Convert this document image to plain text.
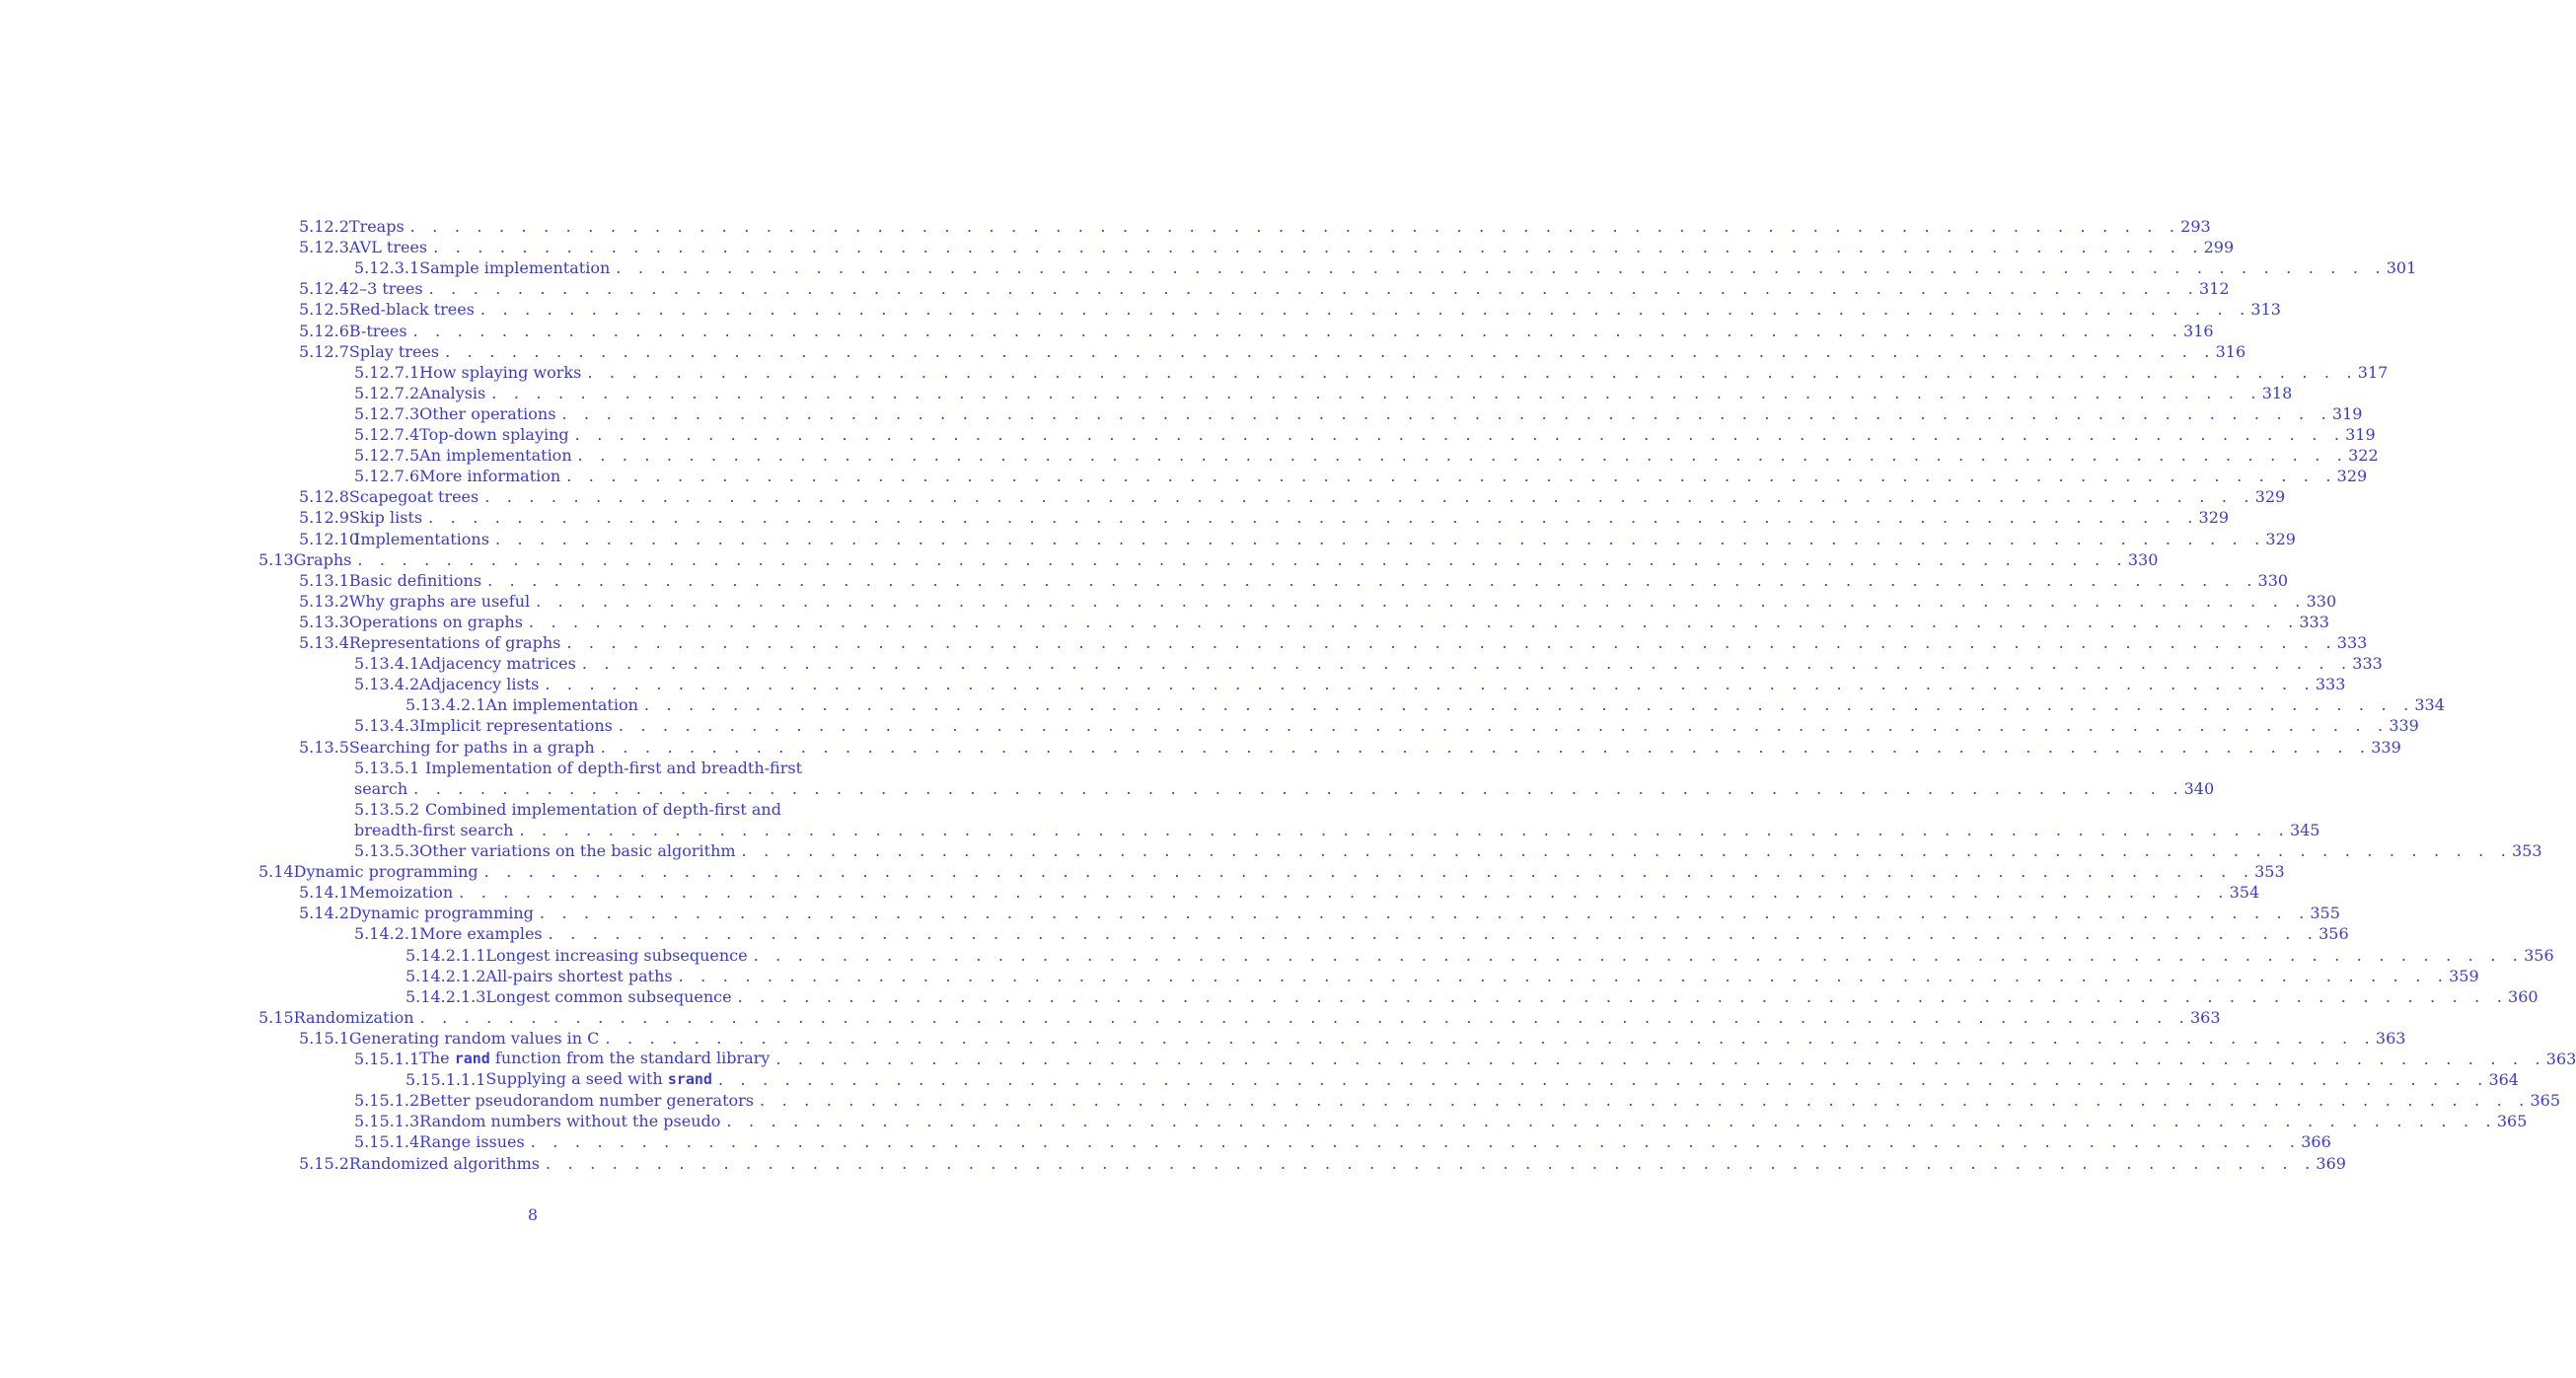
5.12.2 Treaps . . . . . . . . . . . . . . . . . . . . . . . . . . . . . . . . . . . . . . . . . . . . . . . . . . . . . . . . . . . . . . . . . . . . . . . . . . . . . . . . 293
5.12.3 AVL trees . . . . . . . . . . . . . . . . . . . . . . . . . . . . . . . . . . . . . . . . . . . . . . . . . . . . . . . . . . . . . . . . . . . . . . . . . . . . . . . . 299
5.12.3.1 Sample implementation . . . . . . . . . . . . . . . . . . . . . . . . . . . . . . . . . . . . . . . . . . . . . . . . . . . . . . . . . . . . . . . . . . . . . . . . . . . . . . . . 301
5.12.4 2–3 trees . . . . . . . . . . . . . . . . . . . . . . . . . . . . . . . . . . . . . . . . . . . . . . . . . . . . . . . . . . . . . . . . . . . . . . . . . . . . . . . . 312
5.12.5 Red-black trees . . . . . . . . . . . . . . . . . . . . . . . . . . . . . . . . . . . . . . . . . . . . . . . . . . . . . . . . . . . . . . . . . . . . . . . . . . . . . . . . 313
5.12.6 B-trees . . . . . . . . . . . . . . . . . . . . . . . . . . . . . . . . . . . . . . . . . . . . . . . . . . . . . . . . . . . . . . . . . . . . . . . . . . . . . . . . 316
5.12.7 Splay trees . . . . . . . . . . . . . . . . . . . . . . . . . . . . . . . . . . . . . . . . . . . . . . . . . . . . . . . . . . . . . . . . . . . . . . . . . . . . . . . . 316
5.12.7.1 How splaying works . . . . . . . . . . . . . . . . . . . . . . . . . . . . . . . . . . . . . . . . . . . . . . . . . . . . . . . . . . . . . . . . . . . . . . . . . . . . . . . . 317
5.12.7.2 Analysis . . . . . . . . . . . . . . . . . . . . . . . . . . . . . . . . . . . . . . . . . . . . . . . . . . . . . . . . . . . . . . . . . . . . . . . . . . . . . . . . 318
5.12.7.3 Other operations . . . . . . . . . . . . . . . . . . . . . . . . . . . . . . . . . . . . . . . . . . . . . . . . . . . . . . . . . . . . . . . . . . . . . . . . . . . . . . . . 319
5.12.7.4 Top-down splaying . . . . . . . . . . . . . . . . . . . . . . . . . . . . . . . . . . . . . . . . . . . . . . . . . . . . . . . . . . . . . . . . . . . . . . . . . . . . . . . . 319
5.12.7.5 An implementation . . . . . . . . . . . . . . . . . . . . . . . . . . . . . . . . . . . . . . . . . . . . . . . . . . . . . . . . . . . . . . . . . . . . . . . . . . . . . . . . 322
5.12.7.6 More information . . . . . . . . . . . . . . . . . . . . . . . . . . . . . . . . . . . . . . . . . . . . . . . . . . . . . . . . . . . . . . . . . . . . . . . . . . . . . . . . 329
5.12.8 Scapegoat trees . . . . . . . . . . . . . . . . . . . . . . . . . . . . . . . . . . . . . . . . . . . . . . . . . . . . . . . . . . . . . . . . . . . . . . . . . . . . . . . . 329
5.12.9 Skip lists . . . . . . . . . . . . . . . . . . . . . . . . . . . . . . . . . . . . . . . . . . . . . . . . . . . . . . . . . . . . . . . . . . . . . . . . . . . . . . . . 329
5.12.10
Implementations . . . . . . . . . . . . . . . . . . . . . . . . . . . . . . . . . . . . . . . . . . . . . . . . . . . . . . . . . . . . . . . . . . . . . . . . . . . . . . . . 329
5.13 Graphs . . . . . . . . . . . . . . . . . . . . . . . . . . . . . . . . . . . . . . . . . . . . . . . . . . . . . . . . . . . . . . . . . . . . . . . . . . . . . . . . 330
5.13.1 Basic definitions . . . . . . . . . . . . . . . . . . . . . . . . . . . . . . . . . . . . . . . . . . . . . . . . . . . . . . . . . . . . . . . . . . . . . . . . . . . . . . . . 330
5.13.2 Why graphs are useful . . . . . . . . . . . . . . . . . . . . . . . . . . . . . . . . . . . . . . . . . . . . . . . . . . . . . . . . . . . . . . . . . . . . . . . . . . . . . . . . 330
5.13.3 Operations on graphs . . . . . . . . . . . . . . . . . . . . . . . . . . . . . . . . . . . . . . . . . . . . . . . . . . . . . . . . . . . . . . . . . . . . . . . . . . . . . . . . 333
5.13.4 Representations of graphs . . . . . . . . . . . . . . . . . . . . . . . . . . . . . . . . . . . . . . . . . . . . . . . . . . . . . . . . . . . . . . . . . . . . . . . . . . . . . . . . 333
5.13.4.1 Adjacency matrices . . . . . . . . . . . . . . . . . . . . . . . . . . . . . . . . . . . . . . . . . . . . . . . . . . . . . . . . . . . . . . . . . . . . . . . . . . . . . . . . 333
5.13.4.2 Adjacency lists . . . . . . . . . . . . . . . . . . . . . . . . . . . . . . . . . . . . . . . . . . . . . . . . . . . . . . . . . . . . . . . . . . . . . . . . . . . . . . . . 333
5.13.4.2.1 An implementation . . . . . . . . . . . . . . . . . . . . . . . . . . . . . . . . . . . . . . . . . . . . . . . . . . . . . . . . . . . . . . . . . . . . . . . . . . . . . . . . 334
5.13.4.3 Implicit representations . . . . . . . . . . . . . . . . . . . . . . . . . . . . . . . . . . . . . . . . . . . . . . . . . . . . . . . . . . . . . . . . . . . . . . . . . . . . . . . . 339
5.13.5 Searching for paths in a graph . . . . . . . . . . . . . . . . . . . . . . . . . . . . . . . . . . . . . . . . . . . . . . . . . . . . . . . . . . . . . . . . . . . . . . . . . . . . . . . . 339
5.13.5.1 Implementation of depth-first and breadth-first
search . . . . . . . . . . . . . . . . . . . . . . . . . . . . . . . . . . . . . . . . . . . . . . . . . . . . . . . . . . . . . . . . . . . . . . . . . . . . . . . . 340
5.13.5.2 Combined implementation of depth-first and
breadth-first search . . . . . . . . . . . . . . . . . . . . . . . . . . . . . . . . . . . . . . . . . . . . . . . . . . . . . . . . . . . . . . . . . . . . . . . . . . . . . . . . 345
5.13.5.3 Other variations on the basic algorithm . . . . . . . . . . . . . . . . . . . . . . . . . . . . . . . . . . . . . . . . . . . . . . . . . . . . . . . . . . . . . . . . . . . . . . . . . . . . . . . . 353
5.14 Dynamic programming . . . . . . . . . . . . . . . . . . . . . . . . . . . . . . . . . . . . . . . . . . . . . . . . . . . . . . . . . . . . . . . . . . . . . . . . . . . . . . . . 353
5.14.1 Memoization . . . . . . . . . . . . . . . . . . . . . . . . . . . . . . . . . . . . . . . . . . . . . . . . . . . . . . . . . . . . . . . . . . . . . . . . . . . . . . . . 354
5.14.2 Dynamic programming . . . . . . . . . . . . . . . . . . . . . . . . . . . . . . . . . . . . . . . . . . . . . . . . . . . . . . . . . . . . . . . . . . . . . . . . . . . . . . . . 355
5.14.2.1 More examples . . . . . . . . . . . . . . . . . . . . . . . . . . . . . . . . . . . . . . . . . . . . . . . . . . . . . . . . . . . . . . . . . . . . . . . . . . . . . . . . 356
5.14.2.1.1 Longest increasing subsequence . . . . . . . . . . . . . . . . . . . . . . . . . . . . . . . . . . . . . . . . . . . . . . . . . . . . . . . . . . . . . . . . . . . . . . . . . . . . . . . . 356
5.14.2.1.2 All-pairs shortest paths . . . . . . . . . . . . . . . . . . . . . . . . . . . . . . . . . . . . . . . . . . . . . . . . . . . . . . . . . . . . . . . . . . . . . . . . . . . . . . . . 359
5.14.2.1.3 Longest common subsequence . . . . . . . . . . . . . . . . . . . . . . . . . . . . . . . . . . . . . . . . . . . . . . . . . . . . . . . . . . . . . . . . . . . . . . . . . . . . . . . . 360
5.15 Randomization . . . . . . . . . . . . . . . . . . . . . . . . . . . . . . . . . . . . . . . . . . . . . . . . . . . . . . . . . . . . . . . . . . . . . . . . . . . . . . . . 363
5.15.1 Generating random values in C . . . . . . . . . . . . . . . . . . . . . . . . . . . . . . . . . . . . . . . . . . . . . . . . . . . . . . . . . . . . . . . . . . . . . . . . . . . . . . . . 363
5.15.1.1 The rand function from the standard library . . . . . . . . . . . . . . . . . . . . . . . . . . . . . . . . . . . . . . . . . . . . . . . . . . . . . . . . . . . . . . . . . . . . . . . . . . . . . . . . 363
5.15.1.1.1 Supplying a seed with srand . . . . . . . . . . . . . . . . . . . . . . . . . . . . . . . . . . . . . . . . . . . . . . . . . . . . . . . . . . . . . . . . . . . . . . . . . . . . . . . . 364
5.15.1.2 Better pseudorandom number generators . . . . . . . . . . . . . . . . . . . . . . . . . . . . . . . . . . . . . . . . . . . . . . . . . . . . . . . . . . . . . . . . . . . . . . . . . . . . . . . . 365
5.15.1.3 Random numbers without the pseudo . . . . . . . . . . . . . . . . . . . . . . . . . . . . . . . . . . . . . . . . . . . . . . . . . . . . . . . . . . . . . . . . . . . . . . . . . . . . . . . . 365
5.15.1.4 Range issues . . . . . . . . . . . . . . . . . . . . . . . . . . . . . . . . . . . . . . . . . . . . . . . . . . . . . . . . . . . . . . . . . . . . . . . . . . . . . . . . 366
5.15.2 Randomized algorithms . . . . . . . . . . . . . . . . . . . . . . . . . . . . . . . . . . . . . . . . . . . . . . . . . . . . . . . . . . . . . . . . . . . . . . . . . . . . . . . . 369
8
